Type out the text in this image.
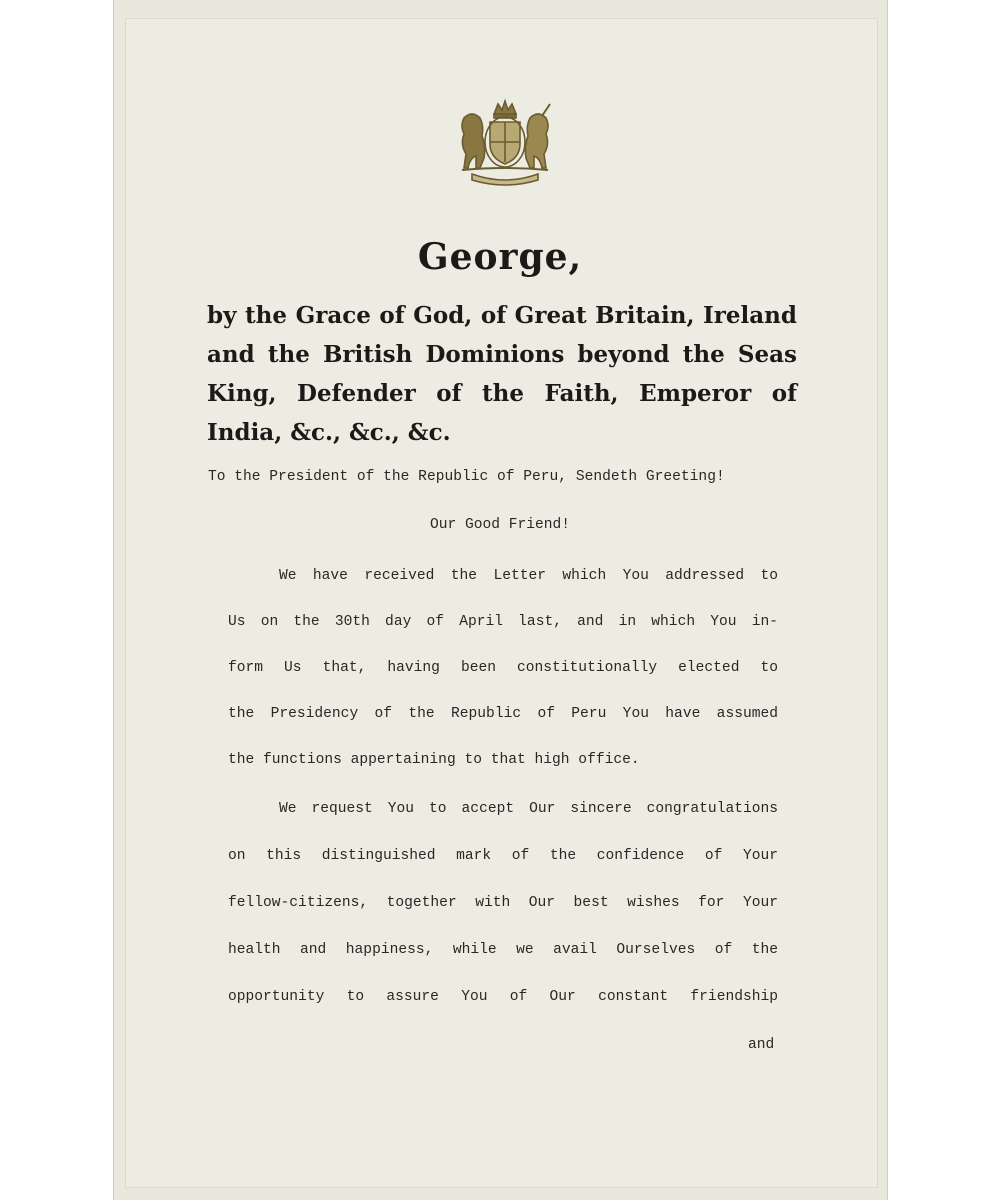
George,

by the Grace of God, of Great Britain, Ireland

and the British Dominions beyond the Seas

King, Defender of the Faith, Emperor of

India, &c., &c., &c.

To the President of the Republic of Peru, Sendeth Greeting!

Our Good Friend!

We have received the Letter which You addressed to

Us on the 30th day of April last, and in which You in-

form Us that, having been constitutionally elected to

the Presidency of the Republic of Peru You have assumed

the functions appertaining to that high office.

We request You to accept Our sincere congratulations

on this distinguished mark of the confidence of Your

fellow-citizens, together with Our best wishes for Your

health and happiness, while we avail Ourselves of the

opportunity to assure You of Our constant friendship

and
